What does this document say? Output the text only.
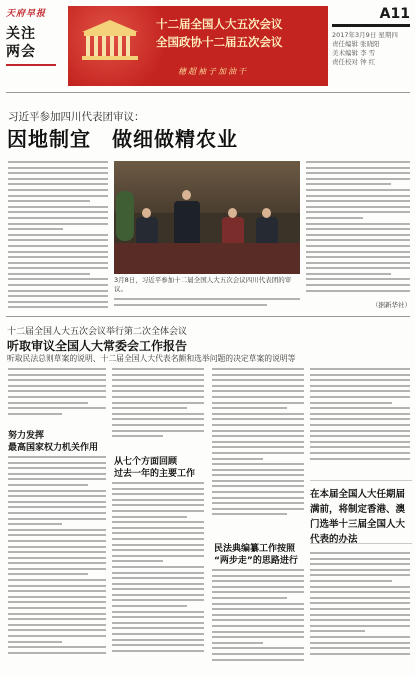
天府早报
关注
两会
十二届全国人大五次会议
全国政协十二届五次会议
穗超袖子加油干
A11
2017年3月9日 星期四
责任编辑 张晓阳
美术编辑 李 雪
责任校对 钟 红
习近平参加四川代表团审议：
因地制宜　做细做精农业
3月8日，习近平参加十二届全国人大五次会议四川代表团的审议。
（据新华社）
十二届全国人大五次会议举行第二次全体会议
听取审议全国人大常委会工作报告
听取民法总则草案的说明、十二届全国人大代表名额和选举问题的决定草案的说明等
努力发挥
最高国家权力机关作用
从七个方面回顾
过去一年的主要工作
民法典编纂工作按照
“两步走”的思路进行
在本届全国人大任期届满前，将制定香港、澳门选举十三届全国人大代表的办法
